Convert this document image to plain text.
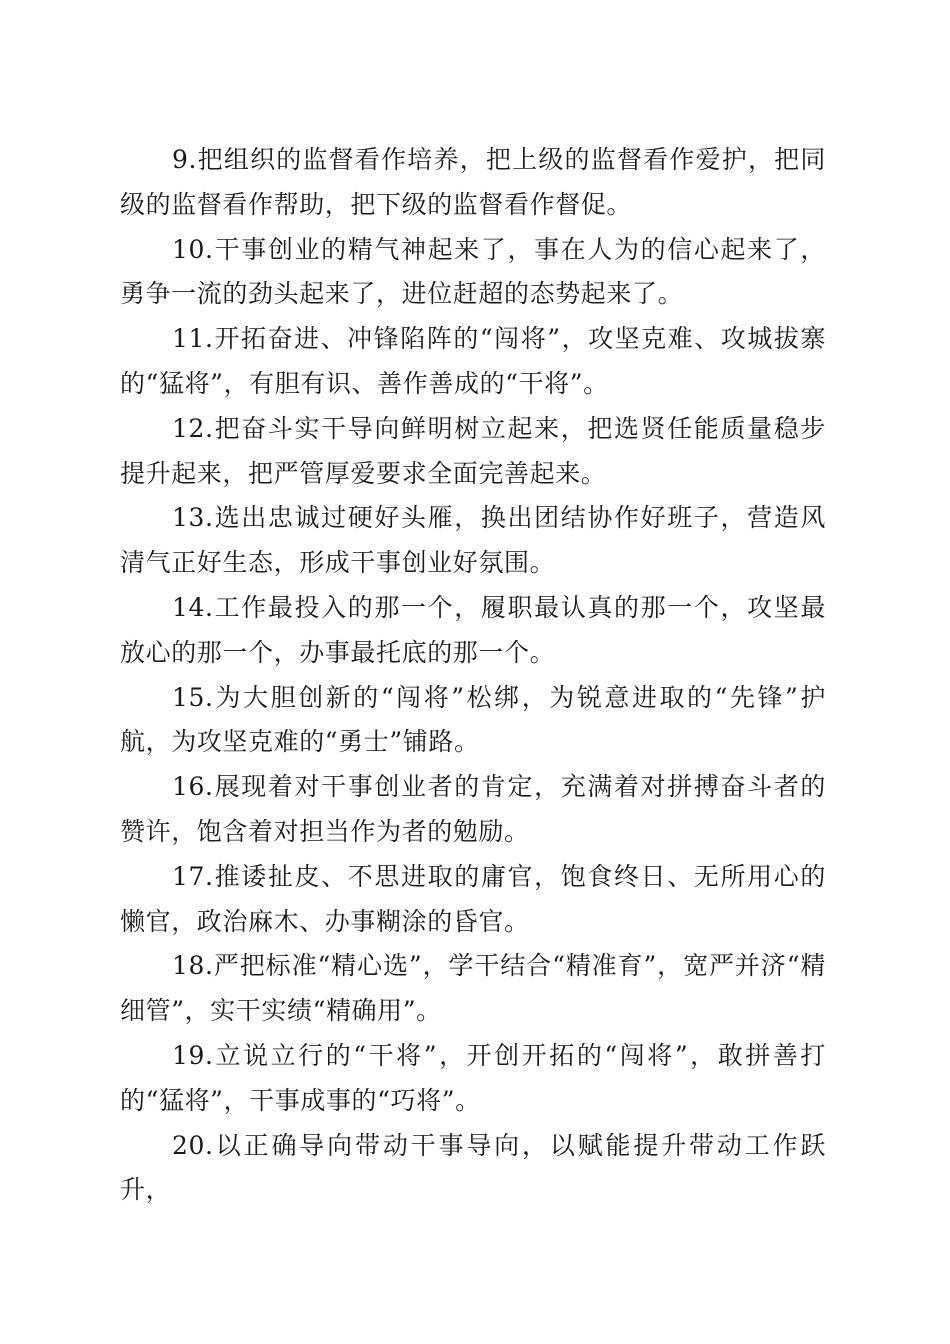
9.把组织的监督看作培养，把上级的监督看作爱护，把同级的监督看作帮助，把下级的监督看作督促。

10.干事创业的精气神起来了，事在人为的信心起来了，勇争一流的劲头起来了，进位赶超的态势起来了。

11.开拓奋进、冲锋陷阵的“闯将”，攻坚克难、攻城拔寨的“猛将”，有胆有识、善作善成的“干将”。

12.把奋斗实干导向鲜明树立起来，把选贤任能质量稳步提升起来，把严管厚爱要求全面完善起来。

13.选出忠诚过硬好头雁，换出团结协作好班子，营造风清气正好生态，形成干事创业好氛围。

14.工作最投入的那一个，履职最认真的那一个，攻坚最放心的那一个，办事最托底的那一个。

15.为大胆创新的“闯将”松绑，为锐意进取的“先锋”护航，为攻坚克难的“勇士”铺路。

16.展现着对干事创业者的肯定，充满着对拼搏奋斗者的赞许，饱含着对担当作为者的勉励。

17.推诿扯皮、不思进取的庸官，饱食终日、无所用心的懒官，政治麻木、办事糊涂的昏官。

18.严把标准“精心选”，学干结合“精准育”，宽严并济“精细管”，实干实绩“精确用”。

19.立说立行的“干将”，开创开拓的“闯将”，敢拼善打的“猛将”，干事成事的“巧将”。

20.以正确导向带动干事导向，以赋能提升带动工作跃升，
